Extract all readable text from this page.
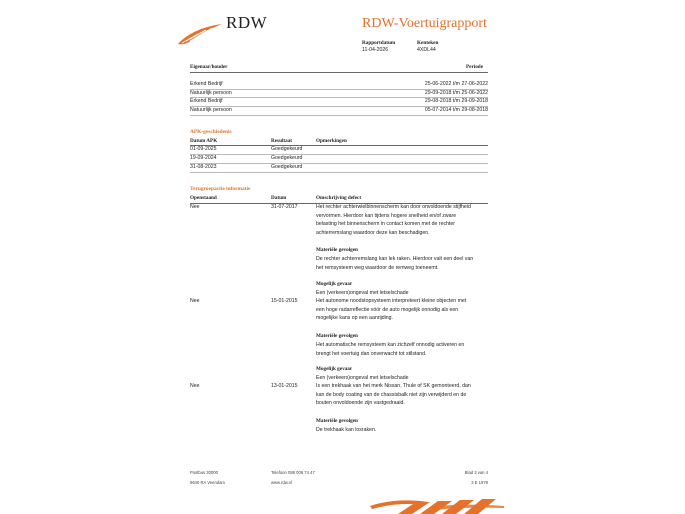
RDW	RDW-Voertuigrapport
Rapportdatum
11-04-2026
Kenteken
4XDL44
Eigenaar/houder	Periode
Erkend Bedrijf	25-06-2022 t/m 27-06-2022
Natuurlijk persoon	29-09-2018 t/m 25-06-2022
Erkend Bedrijf	29-08-2018 t/m 29-09-2018
Natuurlijk persoon	05-07-2014 t/m 29-08-2018
APK-geschiedenis
Datum APK	Resultaat	Opmerkingen
01-09-2025	Goedgekeurd
19-09-2024	Goedgekeurd
31-08-2023	Goedgekeurd
Terugroepactie informatie
Openstaand	Datum	Omschrijving defect
Nee	31-07-2017	Het rechter achterwielbinnenscherm kan door onvoldoende stijfheid
vervormen. Hierdoor kan tijdens hogere snelheid en/of zware
belasting het binnenscherm in contact komen met de rechter
achterremslang waardoor deze kan beschadigen.
Materiële gevolgen
De rechter achterremslang kan lek raken. Hierdoor valt een deel van
het remsysteem weg waardoor de remweg toeneemt.
Mogelijk gevaar
Een (verkeers)ongeval met letselschade
Nee	15-01-2015	Het autonome noodstopsysteem interpreteert kleine objecten met
een hoge radarreflectie vóór de auto mogelijk onnodig als een
mogelijke kans op een aanrijding.
Materiële gevolgen
Het automatische remsysteem kan zichzelf onnodig activeren en
brengt het voertuig dan onverwacht tot stilstand.
Mogelijk gevaar
Een (verkeers)ongeval met letselschade
Nee	13-01-2015	Is een trekhaak van het merk Nissan, Thule of SK gemonteerd, dan
kan de body coating van de chassisbalk niet zijn verwijderd en de
bouten onvoldoende zijn vastgedraaid.
Materiële gevolgen
De trekhaak kan losraken.
Postbus 30000
9640 RA Veendam
Telefoon 088 008 74 47
www.rdw.nl
Blad 3 van 4
3 E 1978
